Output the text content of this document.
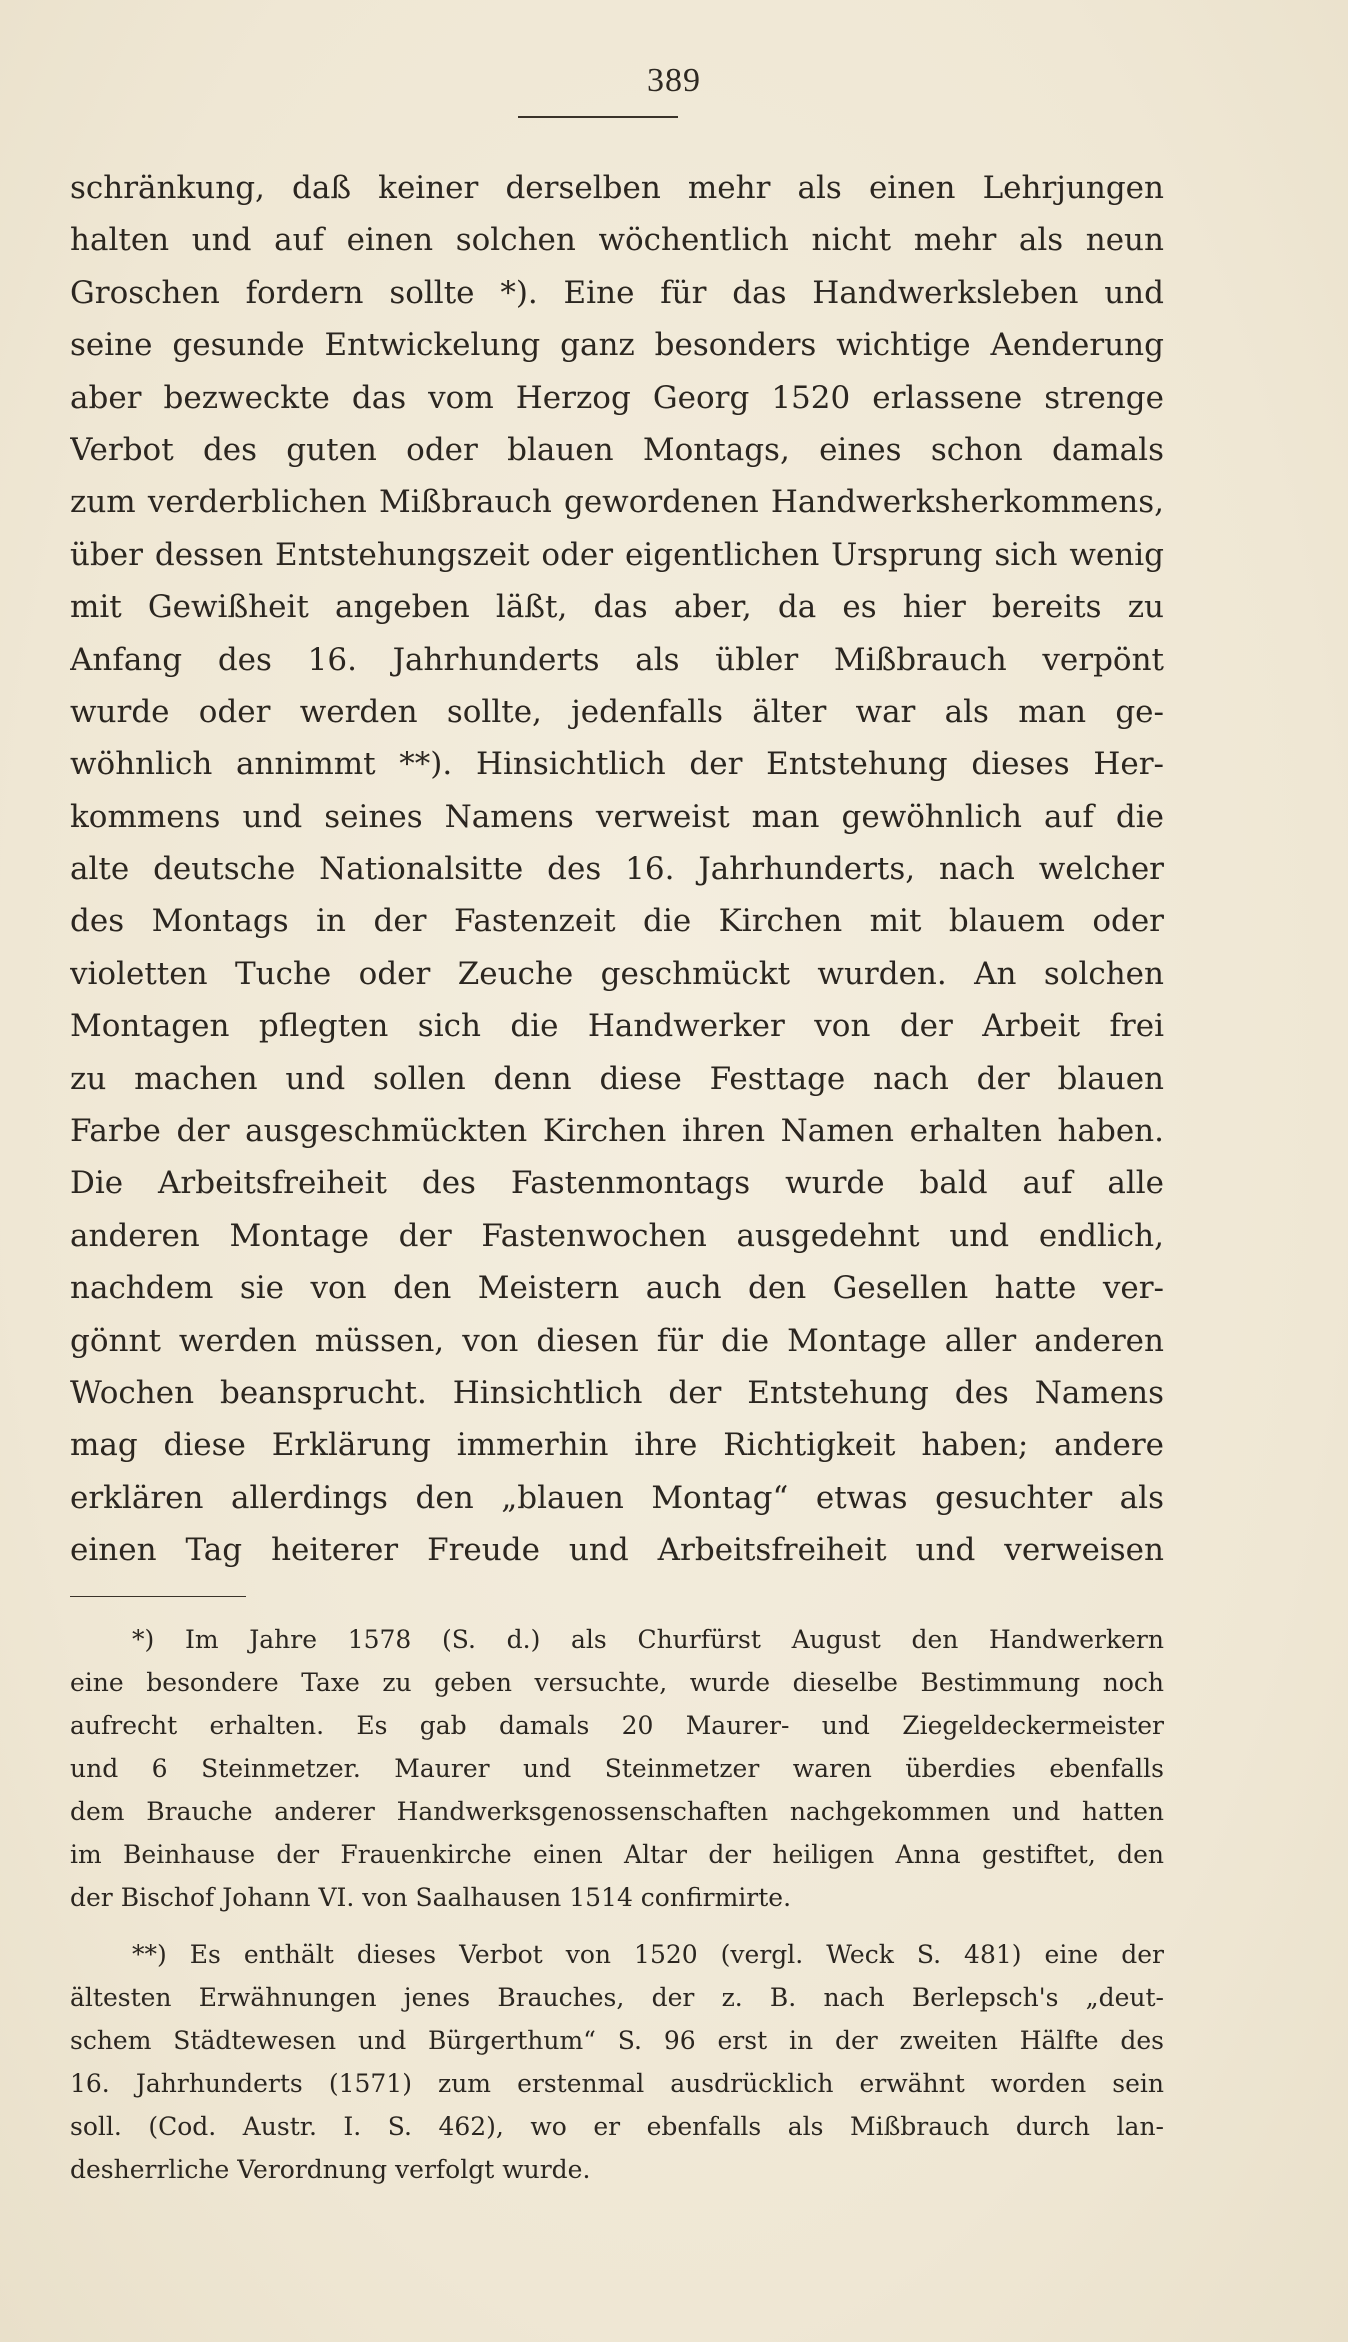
389
schränkung, daß keiner derselben mehr als einen Lehrjungen
halten und auf einen solchen wöchentlich nicht mehr als neun
Groschen fordern sollte *). Eine für das Handwerksleben und
seine gesunde Entwickelung ganz besonders wichtige Aenderung
aber bezweckte das vom Herzog Georg 1520 erlassene strenge
Verbot des guten oder blauen Montags, eines schon damals
zum verderblichen Mißbrauch gewordenen Handwerksherkommens,
über dessen Entstehungszeit oder eigentlichen Ursprung sich wenig
mit Gewißheit angeben läßt, das aber, da es hier bereits zu
Anfang des 16. Jahrhunderts als übler Mißbrauch verpönt
wurde oder werden sollte, jedenfalls älter war als man ge-
wöhnlich annimmt **). Hinsichtlich der Entstehung dieses Her-
kommens und seines Namens verweist man gewöhnlich auf die
alte deutsche Nationalsitte des 16. Jahrhunderts, nach welcher
des Montags in der Fastenzeit die Kirchen mit blauem oder
violetten Tuche oder Zeuche geschmückt wurden. An solchen
Montagen pflegten sich die Handwerker von der Arbeit frei
zu machen und sollen denn diese Festtage nach der blauen
Farbe der ausgeschmückten Kirchen ihren Namen erhalten haben.
Die Arbeitsfreiheit des Fastenmontags wurde bald auf alle
anderen Montage der Fastenwochen ausgedehnt und endlich,
nachdem sie von den Meistern auch den Gesellen hatte ver-
gönnt werden müssen, von diesen für die Montage aller anderen
Wochen beansprucht. Hinsichtlich der Entstehung des Namens
mag diese Erklärung immerhin ihre Richtigkeit haben; andere
erklären allerdings den „blauen Montag“ etwas gesuchter als
einen Tag heiterer Freude und Arbeitsfreiheit und verweisen
*) Im Jahre 1578 (S. d.) als Churfürst August den Handwerkern
eine besondere Taxe zu geben versuchte, wurde dieselbe Bestimmung noch
aufrecht erhalten. Es gab damals 20 Maurer- und Ziegeldeckermeister
und 6 Steinmetzer. Maurer und Steinmetzer waren überdies ebenfalls
dem Brauche anderer Handwerksgenossenschaften nachgekommen und hatten
im Beinhause der Frauenkirche einen Altar der heiligen Anna gestiftet, den
der Bischof Johann VI. von Saalhausen 1514 confirmirte.
**) Es enthält dieses Verbot von 1520 (vergl. Weck S. 481) eine der
ältesten Erwähnungen jenes Brauches, der z. B. nach Berlepsch's „deut-
schem Städtewesen und Bürgerthum“ S. 96 erst in der zweiten Hälfte des
16. Jahrhunderts (1571) zum erstenmal ausdrücklich erwähnt worden sein
soll. (Cod. Austr. I. S. 462), wo er ebenfalls als Mißbrauch durch lan-
desherrliche Verordnung verfolgt wurde.
